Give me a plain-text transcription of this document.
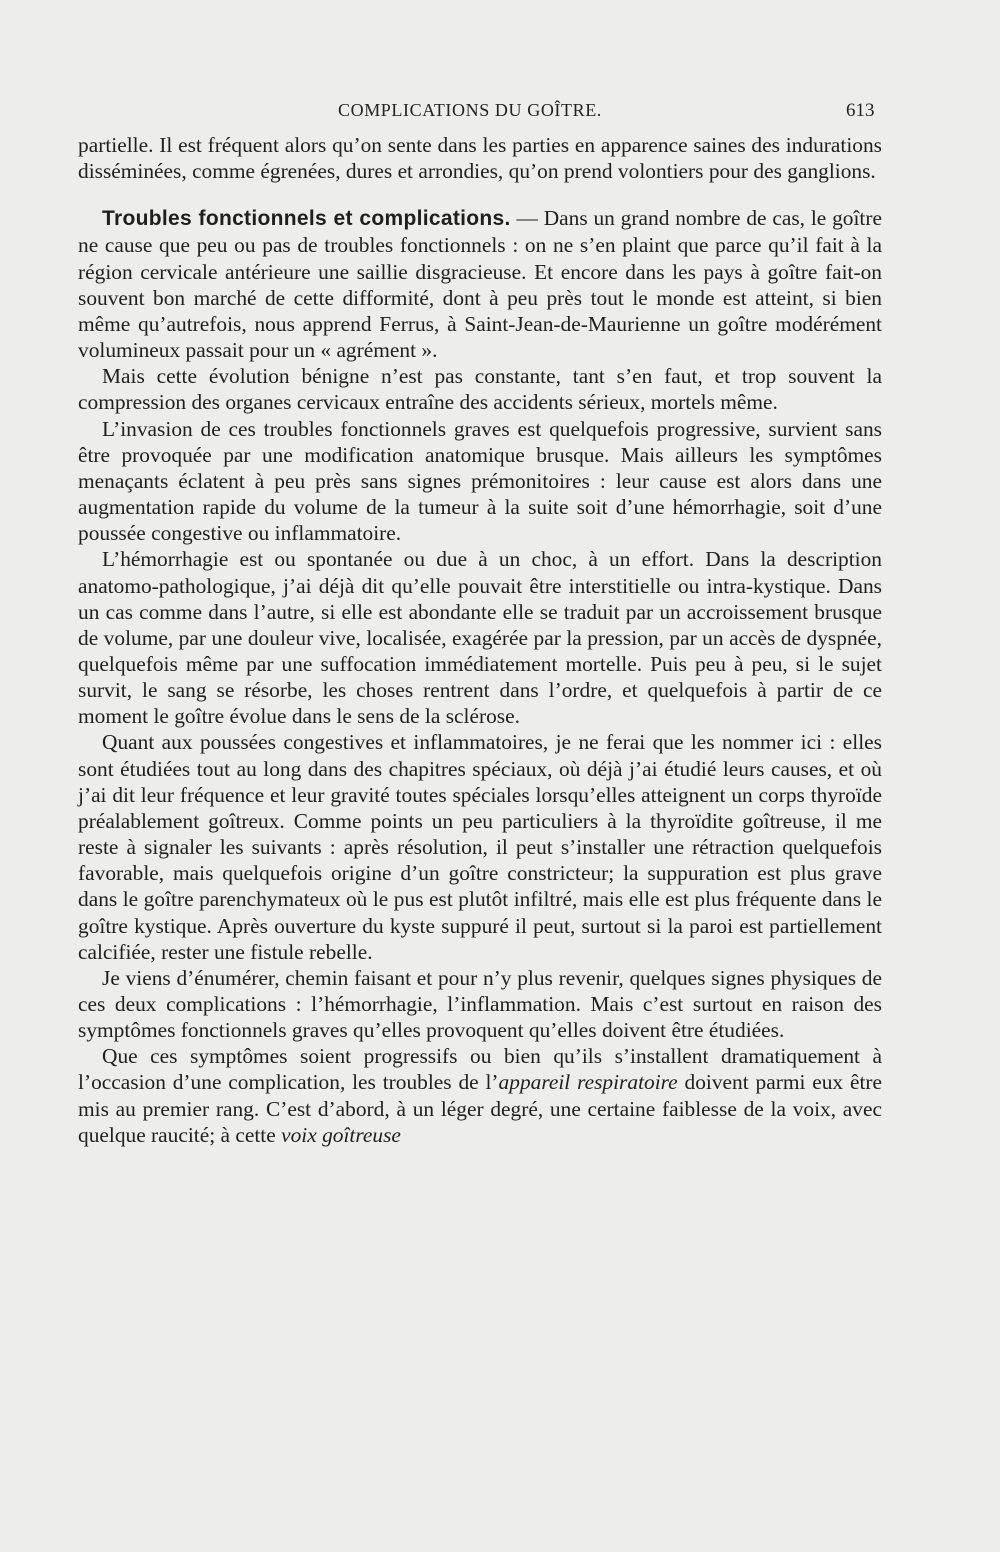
COMPLICATIONS DU GOÎTRE.	613

partielle. Il est fréquent alors qu’on sente dans les parties en apparence saines des indurations disséminées, comme égrenées, dures et arrondies, qu’on prend volontiers pour des ganglions.

Troubles fonctionnels et complications. — Dans un grand nombre de cas, le goître ne cause que peu ou pas de troubles fonctionnels : on ne s’en plaint que parce qu’il fait à la région cervicale antérieure une saillie disgracieuse. Et encore dans les pays à goître fait-on souvent bon marché de cette difformité, dont à peu près tout le monde est atteint, si bien même qu’autrefois, nous apprend Ferrus, à Saint-Jean-de-Maurienne un goître modérément volumineux passait pour un « agrément ».

Mais cette évolution bénigne n’est pas constante, tant s’en faut, et trop souvent la compression des organes cervicaux entraîne des accidents sérieux, mortels même.

L’invasion de ces troubles fonctionnels graves est quelquefois progressive, survient sans être provoquée par une modification anatomique brusque. Mais ailleurs les symptômes menaçants éclatent à peu près sans signes prémonitoires : leur cause est alors dans une augmentation rapide du volume de la tumeur à la suite soit d’une hémorrhagie, soit d’une poussée congestive ou inflammatoire.

L’hémorrhagie est ou spontanée ou due à un choc, à un effort. Dans la description anatomo-pathologique, j’ai déjà dit qu’elle pouvait être interstitielle ou intra-kystique. Dans un cas comme dans l’autre, si elle est abondante elle se traduit par un accroissement brusque de volume, par une douleur vive, localisée, exagérée par la pression, par un accès de dyspnée, quelquefois même par une suffocation immédiatement mortelle. Puis peu à peu, si le sujet survit, le sang se résorbe, les choses rentrent dans l’ordre, et quelquefois à partir de ce moment le goître évolue dans le sens de la sclérose.

Quant aux poussées congestives et inflammatoires, je ne ferai que les nommer ici : elles sont étudiées tout au long dans des chapitres spéciaux, où déjà j’ai étudié leurs causes, et où j’ai dit leur fréquence et leur gravité toutes spéciales lorsqu’elles atteignent un corps thyroïde préalablement goîtreux. Comme points un peu particuliers à la thyroïdite goîtreuse, il me reste à signaler les suivants : après résolution, il peut s’installer une rétraction quelquefois favorable, mais quelquefois origine d’un goître constricteur; la suppuration est plus grave dans le goître parenchymateux où le pus est plutôt infiltré, mais elle est plus fréquente dans le goître kystique. Après ouverture du kyste suppuré il peut, surtout si la paroi est partiellement calcifiée, rester une fistule rebelle.

Je viens d’énumérer, chemin faisant et pour n’y plus revenir, quelques signes physiques de ces deux complications : l’hémorrhagie, l’inflammation. Mais c’est surtout en raison des symptômes fonctionnels graves qu’elles provoquent qu’elles doivent être étudiées.

Que ces symptômes soient progressifs ou bien qu’ils s’installent dramatiquement à l’occasion d’une complication, les troubles de l’appareil respiratoire doivent parmi eux être mis au premier rang. C’est d’abord, à un léger degré, une certaine faiblesse de la voix, avec quelque raucité; à cette voix goîtreuse
